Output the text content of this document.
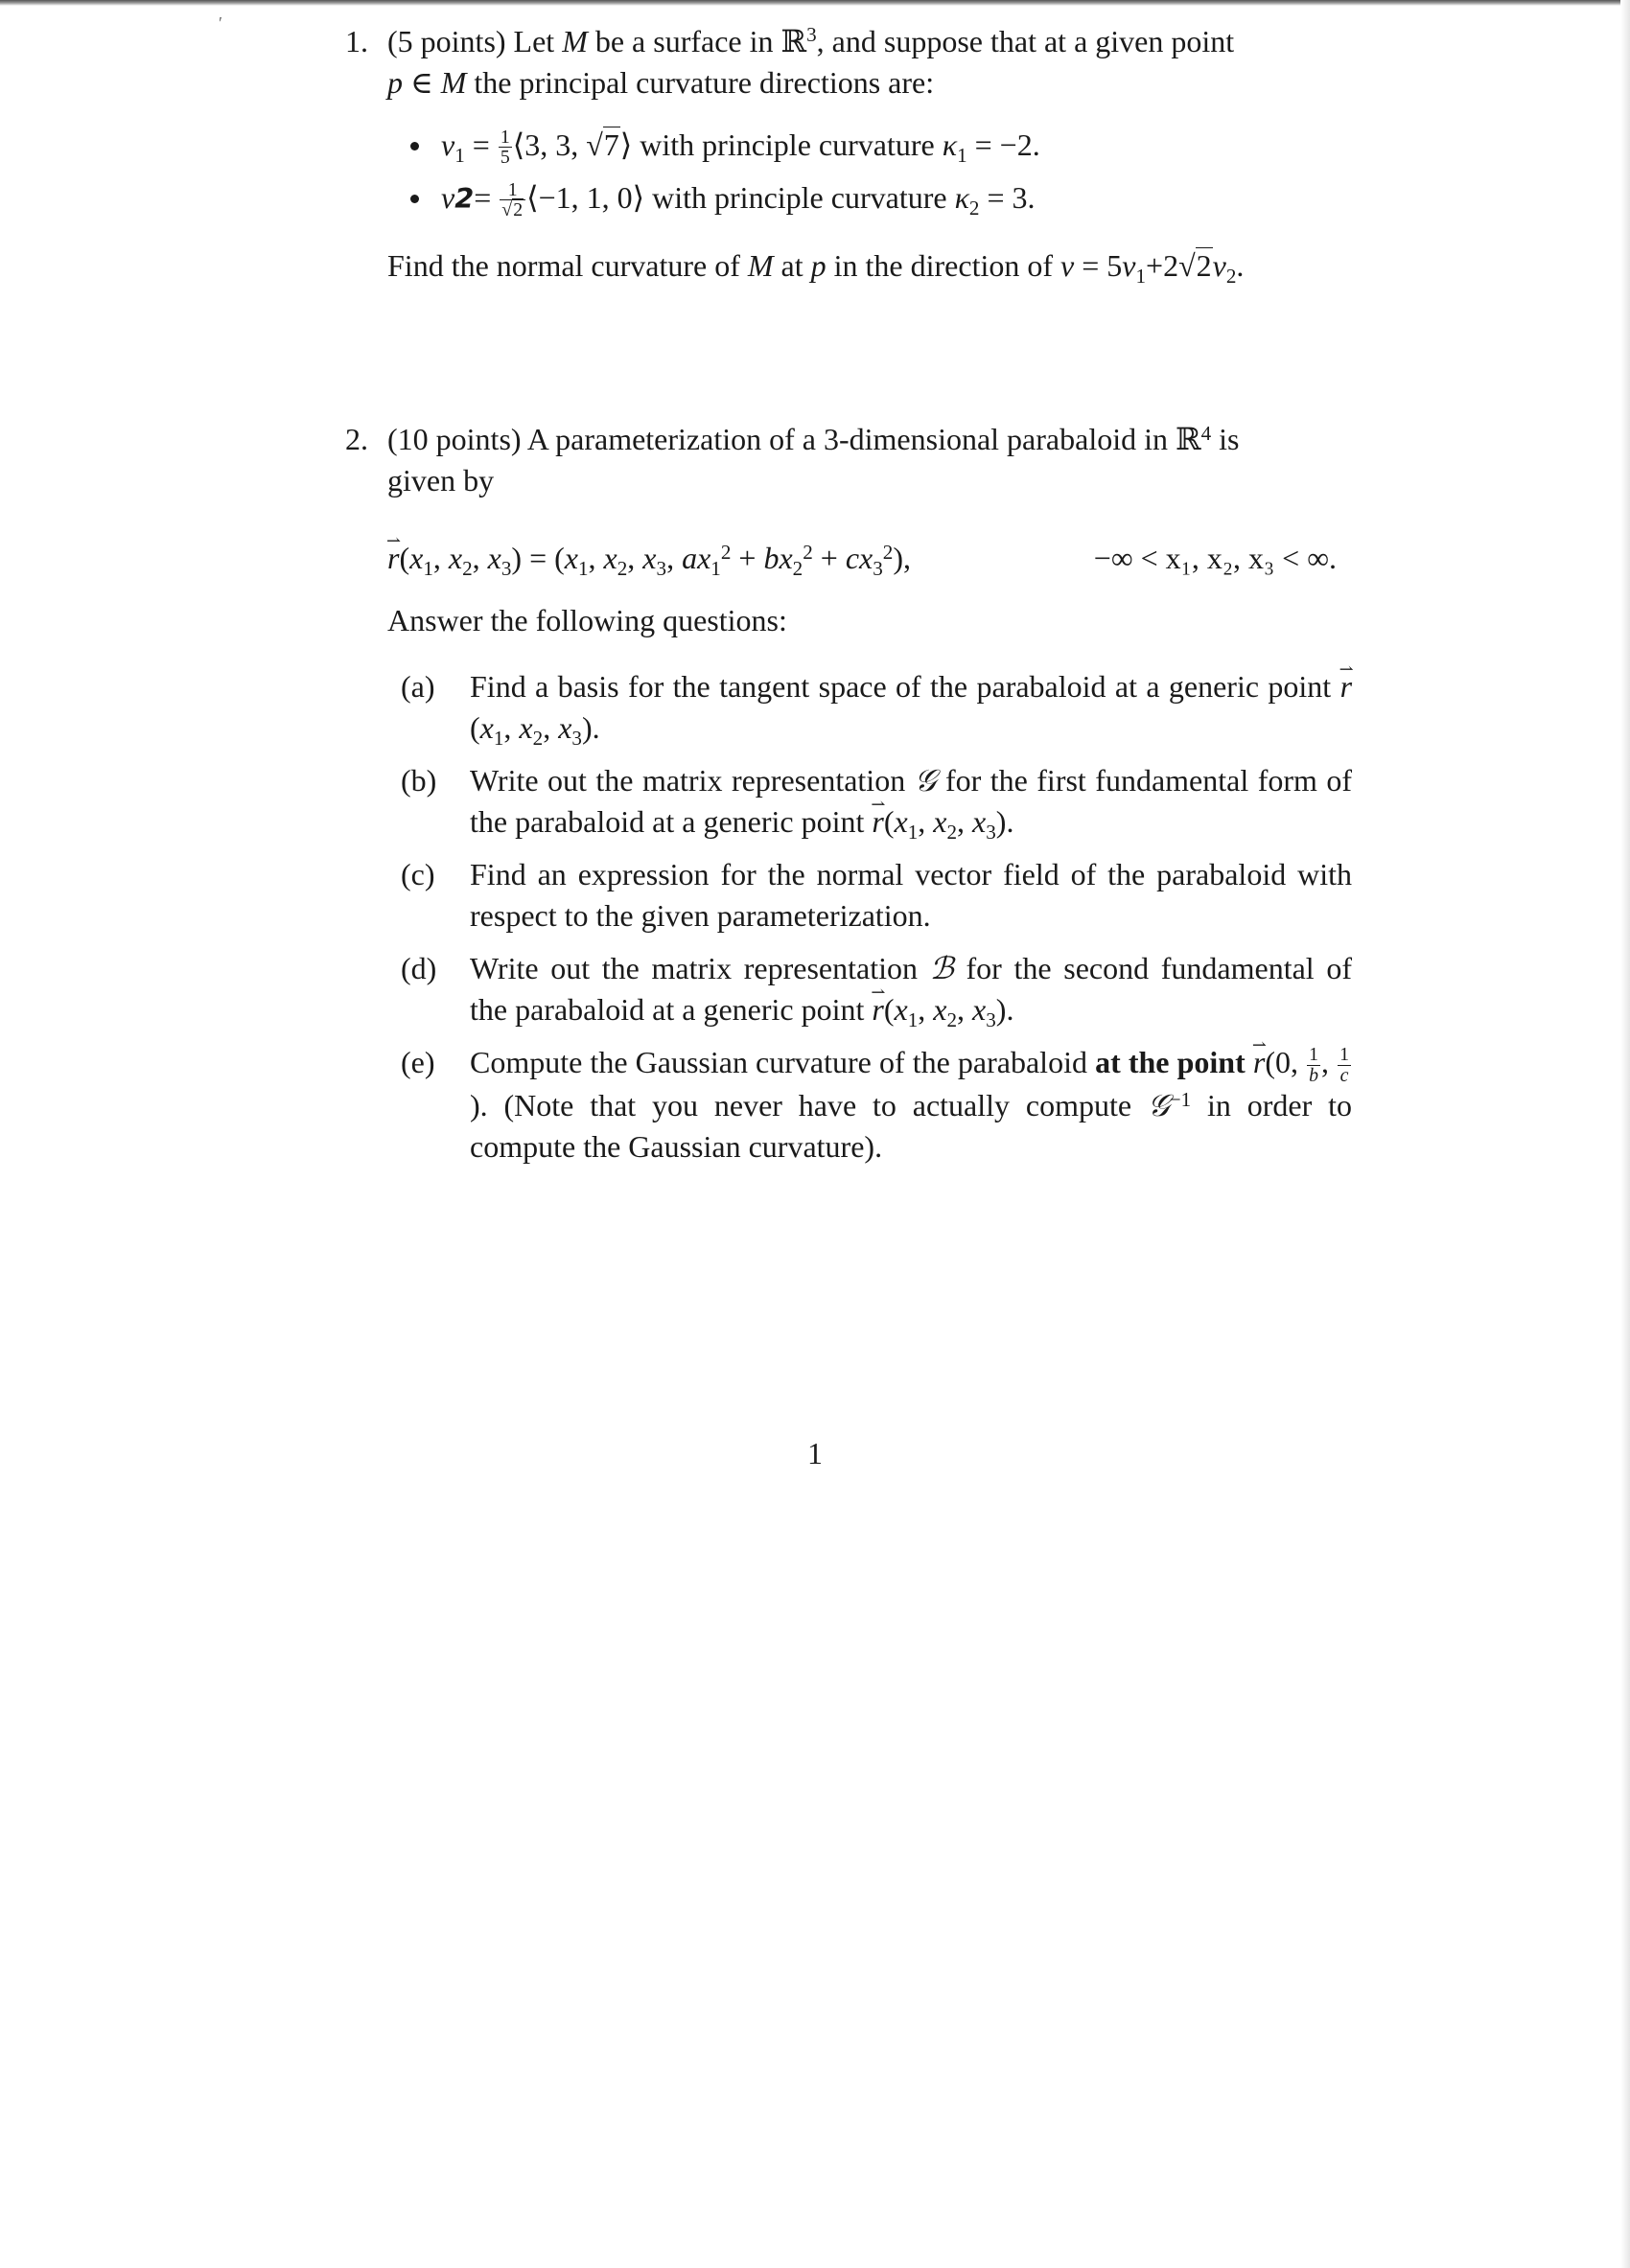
′
1. (5 points) Let M be a surface in ℝ$^3$, and suppose that at a given point
p ∈ M the principal curvature directions are:
$v_1 = \frac{1}{5}$ ⟨3, 3, √7⟩ with principle curvature $\kappa_1 = -2$.
$v2= \frac{1}{√2}$ ⟨−1, 1, 0⟩ with principle curvature $\kappa_2 = 3$.
Find the normal curvature of M at p in the direction of $v = 5v_1+2√2v_2$.
2. (10 points) A parameterization of a 3-dimensional parabaloid in ℝ$^4$ is
given by
r $⇀(x_1$, $x_2$, $x_3) = (x_1$, $x_2$, $x_3$, $ax_1^2 + bx_2^2 + cx_3^2$),	−∞ < x₁, x₂, x₃ < ∞.
Answer the following questions:
(a) Find a basis for the tangent space of the parabaloid at a generic point r $⇀(x_1$, $x_2$, $x_3$).
(b) Write out the matrix representation 𝒢 for the first fundamental form of the parabaloid at a generic point r $⇀(x_1$, $x_2$, $x_3$).
(c) Find an expression for the normal vector field of the parabaloid with respect to the given parameterization.
(d) Write out the matrix representation ℬ for the second fundamental of the parabaloid at a generic point r $⇀(x_1$, $x_2$, $x_3$).
(e) Compute the Gaussian curvature of the parabaloid at the point r ⇀(0, $\frac{1}{b}$ , $\frac{1}{c}$
). (Note that you never have to actually compute 𝒢$^{-1}$ in order to compute the Gaussian curvature).
1
